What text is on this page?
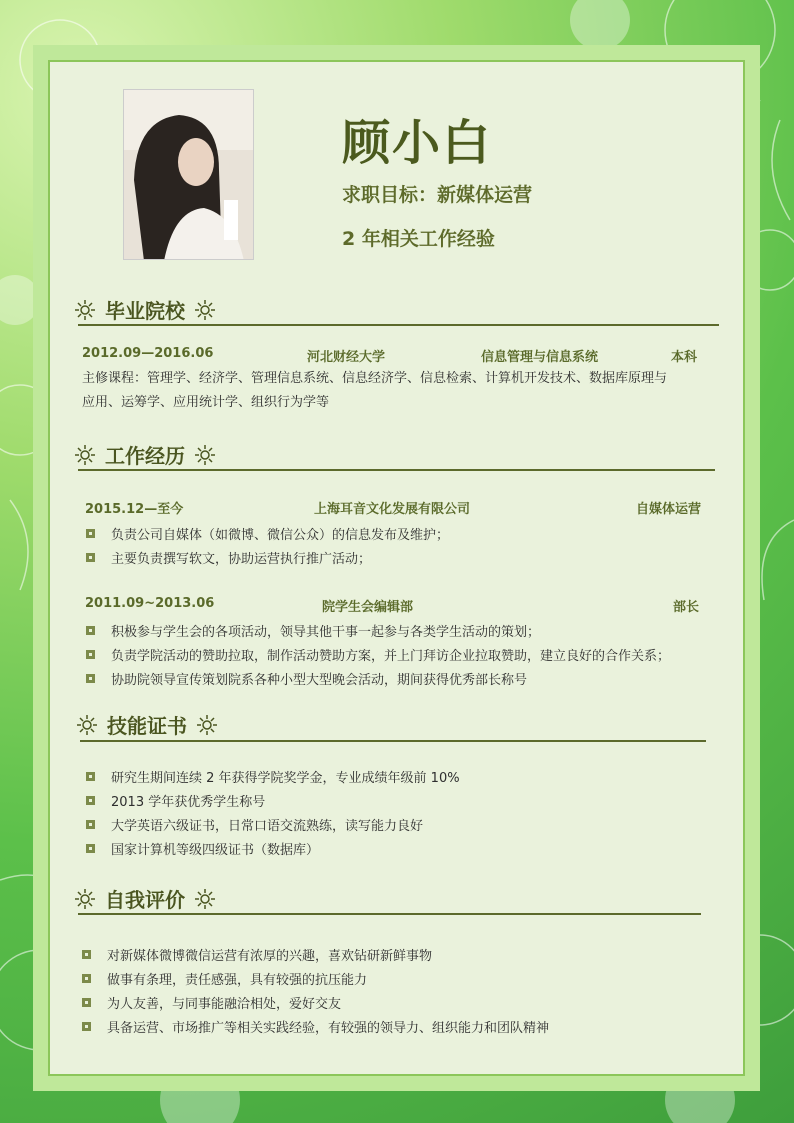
顾小白
求职目标：新媒体运营
2 年相关工作经验
毕业院校
2012.09—2016.06	河北财经大学	信息管理与信息系统	本科
主修课程：管理学、经济学、管理信息系统、信息经济学、信息检索、计算机开发技术、数据库原理与
应用、运筹学、应用统计学、组织行为学等
工作经历
2015.12—至今	上海耳音文化发展有限公司	自媒体运营
负责公司自媒体（如微博、微信公众）的信息发布及维护；
主要负责撰写软文，协助运营执行推广活动；
2011.09~2013.06	院学生会编辑部	部长
积极参与学生会的各项活动，领导其他干事一起参与各类学生活动的策划；
负责学院活动的赞助拉取，制作活动赞助方案，并上门拜访企业拉取赞助，建立良好的合作关系；
协助院领导宣传策划院系各种小型大型晚会活动，期间获得优秀部长称号
技能证书
研究生期间连续 2 年获得学院奖学金，专业成绩年级前 10%
2013 学年获优秀学生称号
大学英语六级证书，日常口语交流熟练，读写能力良好
国家计算机等级四级证书（数据库）
自我评价
对新媒体微博微信运营有浓厚的兴趣，喜欢钻研新鲜事物
做事有条理，责任感强，具有较强的抗压能力
为人友善，与同事能融洽相处，爱好交友
具备运营、市场推广等相关实践经验，有较强的领导力、组织能力和团队精神
